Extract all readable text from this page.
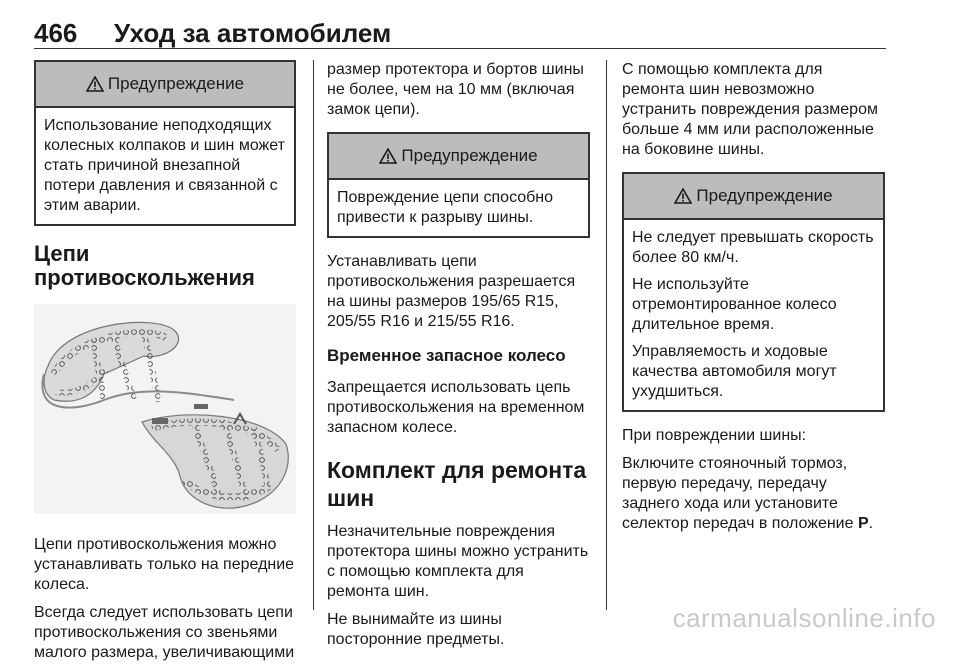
466 Уход за автомобилем
Предупреждение

Использование неподходящих колесных колпаков и шин может стать причиной внезапной потери давления и связанной с этим аварии.

Цепи противоскольжения

Цепи противоскольжения можно устанавливать только на передние колеса.

Всегда следует использовать цепи противоскольжения со звеньями малого размера, увеличивающими

размер протектора и бортов шины не более, чем на 10 мм (включая замок цепи).

Предупреждение

Повреждение цепи способно привести к разрыву шины.

Устанавливать цепи противоскольжения разрешается на шины размеров 195/65 R15, 205/55 R16 и 215/55 R16.

Временное запасное колесо

Запрещается использовать цепь противоскольжения на временном запасном колесе.

Комплект для ремонта шин

Незначительные повреждения протектора шины можно устранить с помощью комплекта для ремонта шин.

Не вынимайте из шины посторонние предметы.

С помощью комплекта для ремонта шин невозможно устранить повреждения размером больше 4 мм или расположенные на боковине шины.

Предупреждение

Не следует превышать скорость более 80 км/ч.

Не используйте отремонтированное колесо длительное время.

Управляемость и ходовые качества автомобиля могут ухудшиться.

При повреждении шины:

Включите стояночный тормоз, первую передачу, передачу заднего хода или установите селектор передач в положение P.

carmanualsonline.info
